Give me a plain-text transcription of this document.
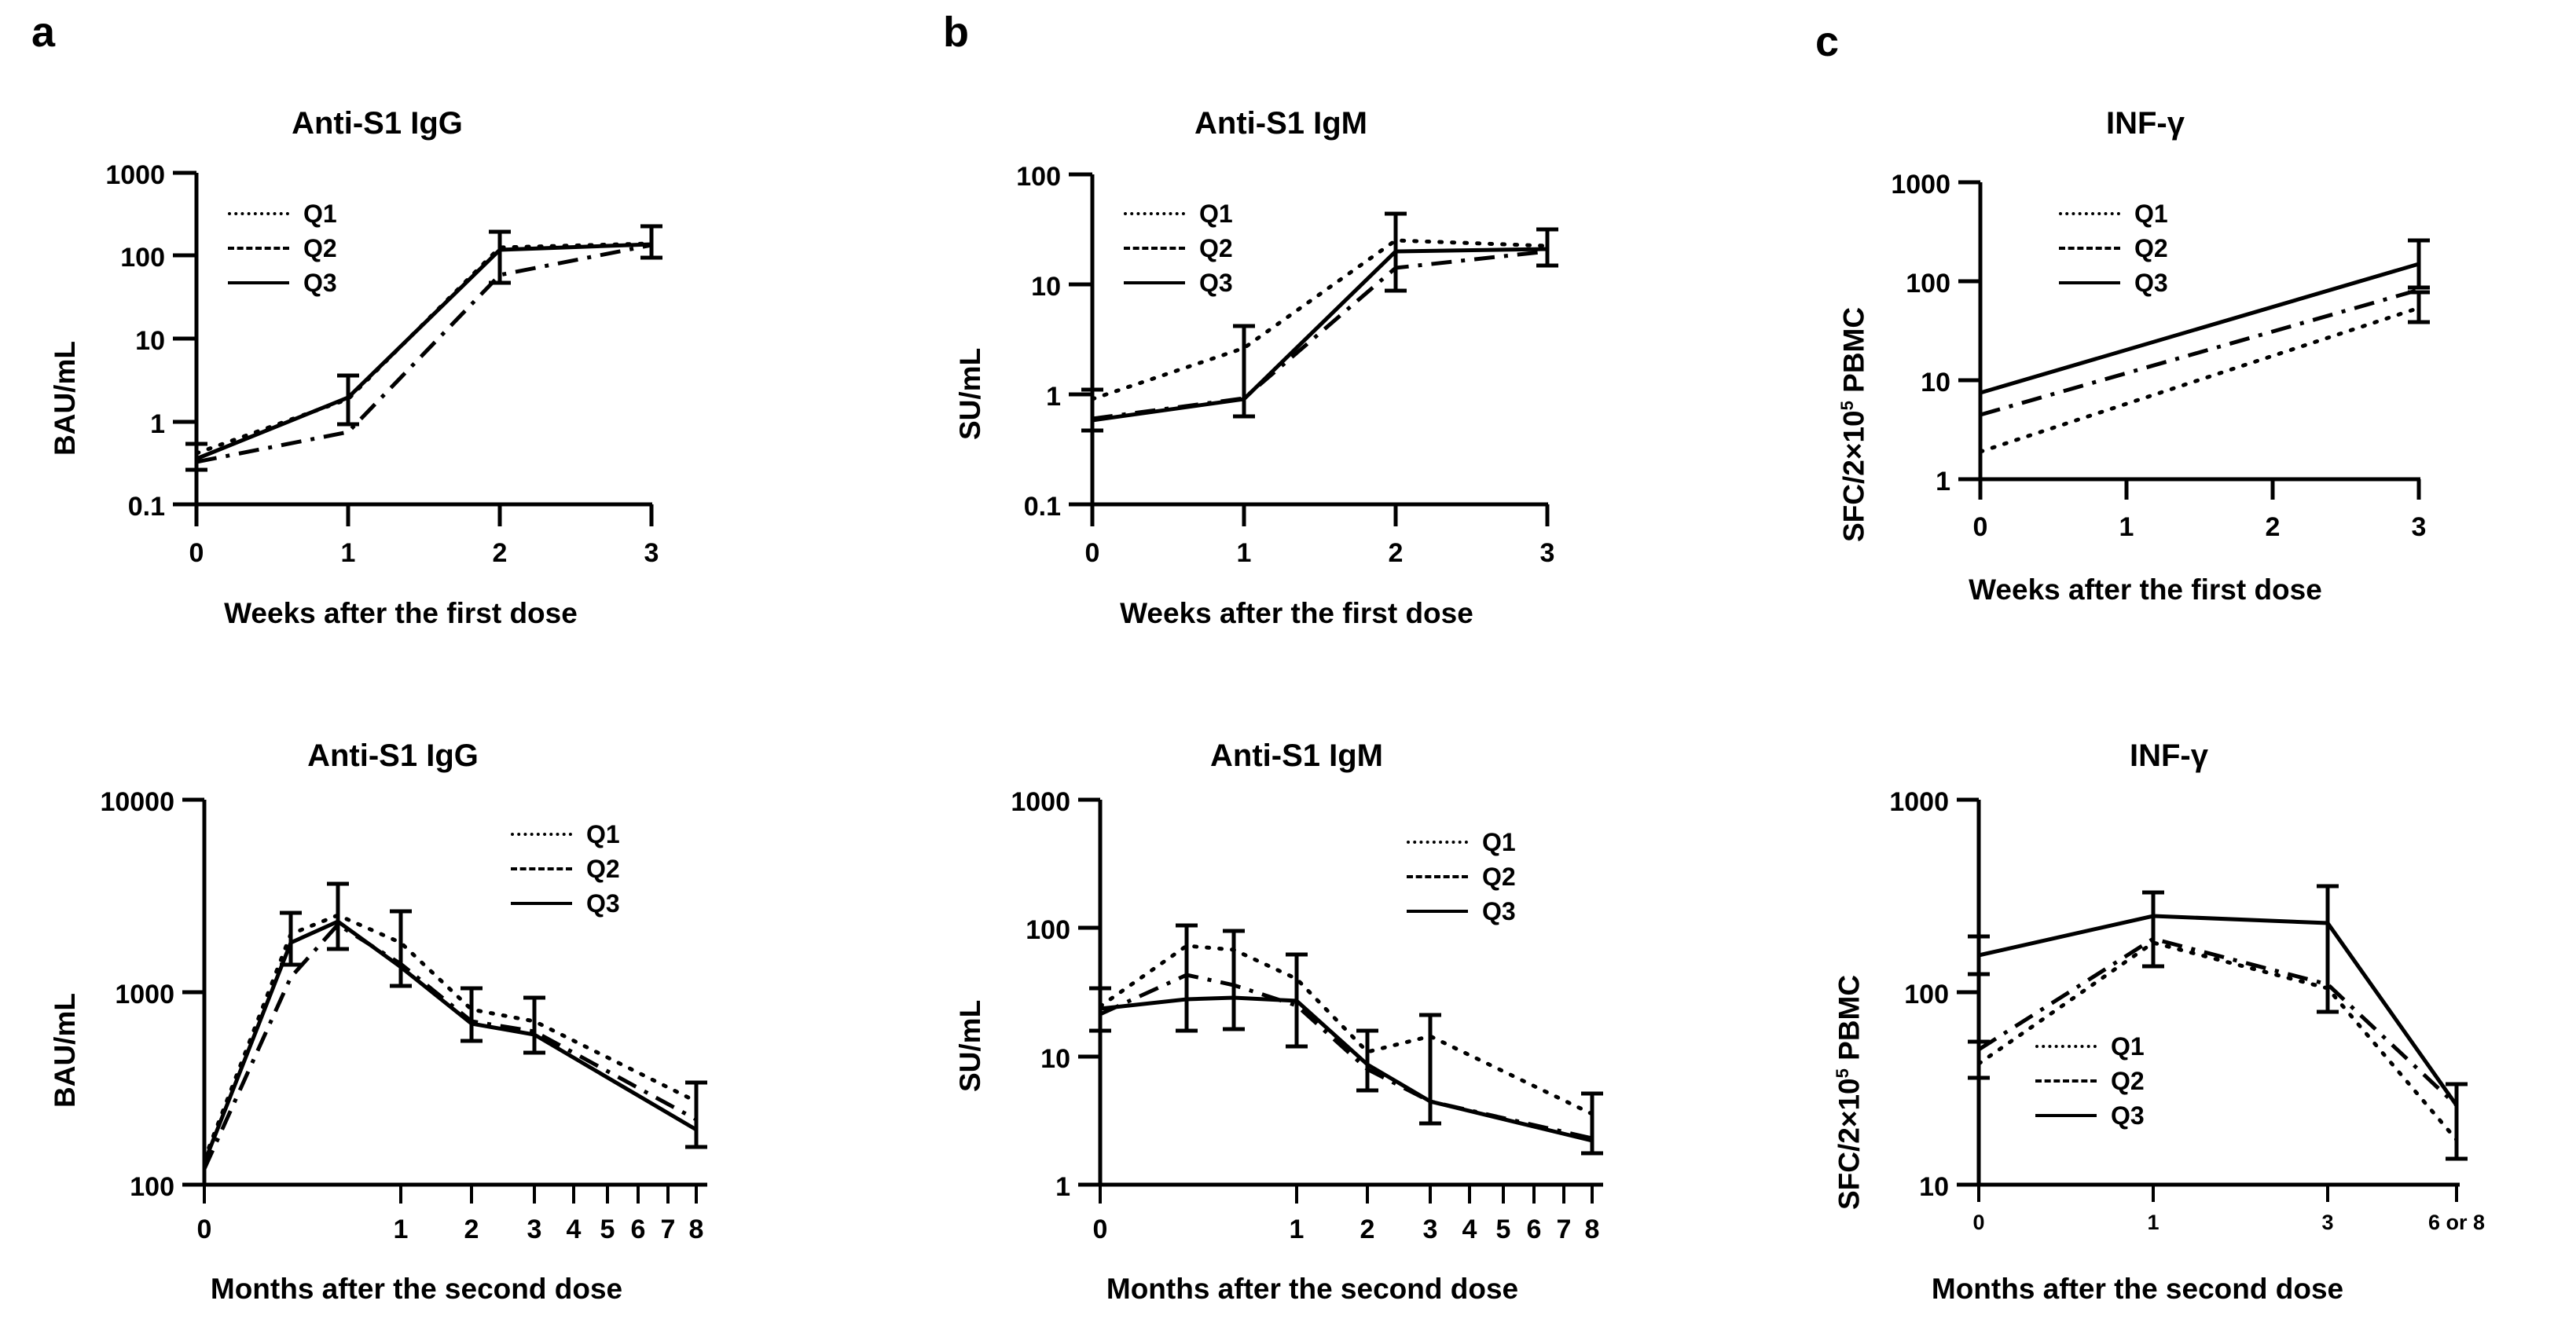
a	b	c
Anti-S1 IgG
BAU/mL
Weeks after the first dose
1000
100
10
1
0.1
0	1	2	3
Q1
Q2
Q3
Anti-S1 IgM
SU/mL
Weeks after the first dose
100
10
1
0.1
0	1	2	3
Q1
Q2
Q3
INF-γ
SFC/$2\times 10^5$ PBMC
Weeks after the first dose
1000
100
10
1
0	1	2	3
Q1
Q2
Q3
Anti-S1 IgG
BAU/mL
Months after the second dose
10000
1000
100
0	1 2 3 4 5 6 7 8
Q1
Q2
Q3
Anti-S1 IgM
SU/mL
Months after the second dose
1000
100
10
1
0	1 2 3 4 5 6 7 8
Q1
Q2
Q3
INF-γ
SFC/$2\times 10^5$ PBMC
Months after the second dose
1000
100
10
0	1	3	6 or 8
Q1
Q2
Q3
